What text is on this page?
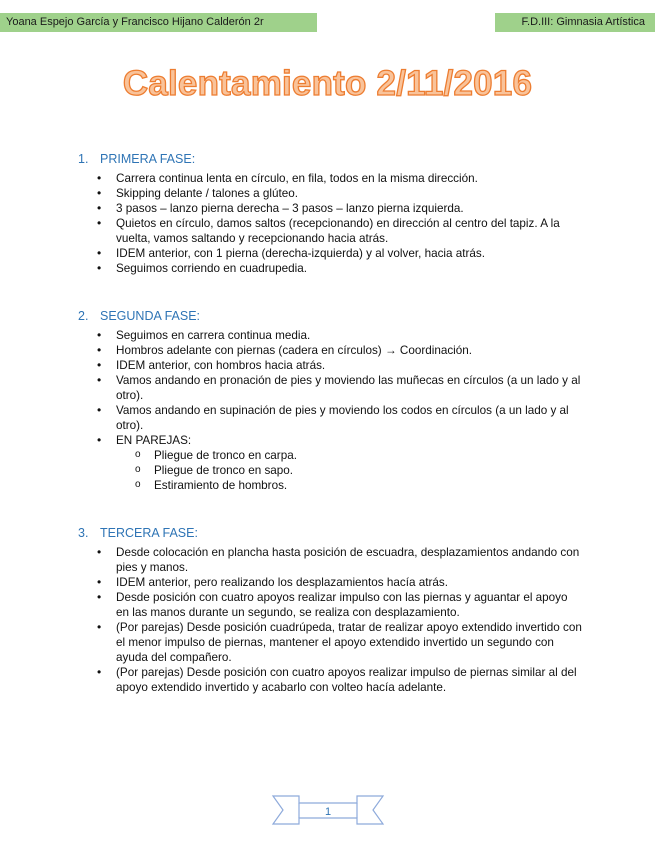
Yoana Espejo García y Francisco Hijano Calderón 2r	F.D.III: Gimnasia Artística
Calentamiento 2/11/2016
1. PRIMERA FASE:
• Carrera continua lenta en círculo, en fila, todos en la misma dirección.
• Skipping delante / talones a glúteo.
• 3 pasos – lanzo pierna derecha – 3 pasos – lanzo pierna izquierda.
• Quietos en círculo, damos saltos (recepcionando) en dirección al centro del tapiz. A la vuelta, vamos saltando y recepcionando hacia atrás.
• IDEM anterior, con 1 pierna (derecha-izquierda) y al volver, hacia atrás.
• Seguimos corriendo en cuadrupedia.
2. SEGUNDA FASE:
• Seguimos en carrera continua media.
• Hombros adelante con piernas (cadera en círculos) → Coordinación.
• IDEM anterior, con hombros hacia atrás.
• Vamos andando en pronación de pies y moviendo las muñecas en círculos (a un lado y al otro).
• Vamos andando en supinación de pies y moviendo los codos en círculos (a un lado y al otro).
• EN PAREJAS:
o Pliegue de tronco en carpa.
o Pliegue de tronco en sapo.
o Estiramiento de hombros.
3. TERCERA FASE:
• Desde colocación en plancha hasta posición de escuadra, desplazamientos andando con pies y manos.
• IDEM anterior, pero realizando los desplazamientos hacía atrás.
• Desde posición con cuatro apoyos realizar impulso con las piernas y aguantar el apoyo en las manos durante un segundo, se realiza con desplazamiento.
• (Por parejas) Desde posición cuadrúpeda, tratar de realizar apoyo extendido invertido con el menor impulso de piernas, mantener el apoyo extendido invertido un segundo con ayuda del compañero.
• (Por parejas) Desde posición con cuatro apoyos realizar impulso de piernas similar al del apoyo extendido invertido y acabarlo con volteo hacía adelante.
1
